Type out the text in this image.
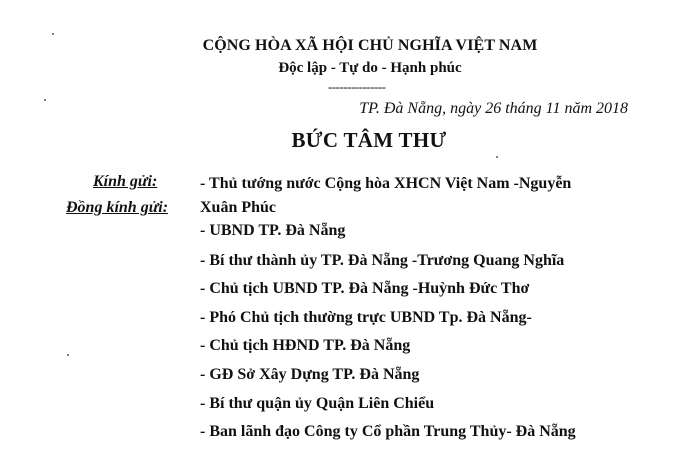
CỘNG HÒA XÃ HỘI CHỦ NGHĨA VIỆT NAM
Độc lập - Tự do - Hạnh phúc
---------------
TP. Đà Nẵng, ngày 26 tháng 11 năm 2018
BỨC TÂM THƯ
Kính gửi:
Đồng kính gửi:
- Thủ tướng nước Cộng hòa XHCN Việt Nam -Nguyễn Xuân Phúc
- UBND TP. Đà Nẵng
- Bí thư thành ủy TP. Đà Nẵng -Trương Quang Nghĩa
- Chủ tịch UBND TP. Đà Nẵng -Huỳnh Đức Thơ
- Phó Chủ tịch thường trực UBND Tp. Đà Nẵng-
- Chủ tịch HĐND TP. Đà Nẵng
- GĐ Sở Xây Dựng TP. Đà Nẵng
- Bí thư quận ủy Quận Liên Chiểu
- Ban lãnh đạo Công ty Cổ phần Trung Thủy- Đà Nẵng
